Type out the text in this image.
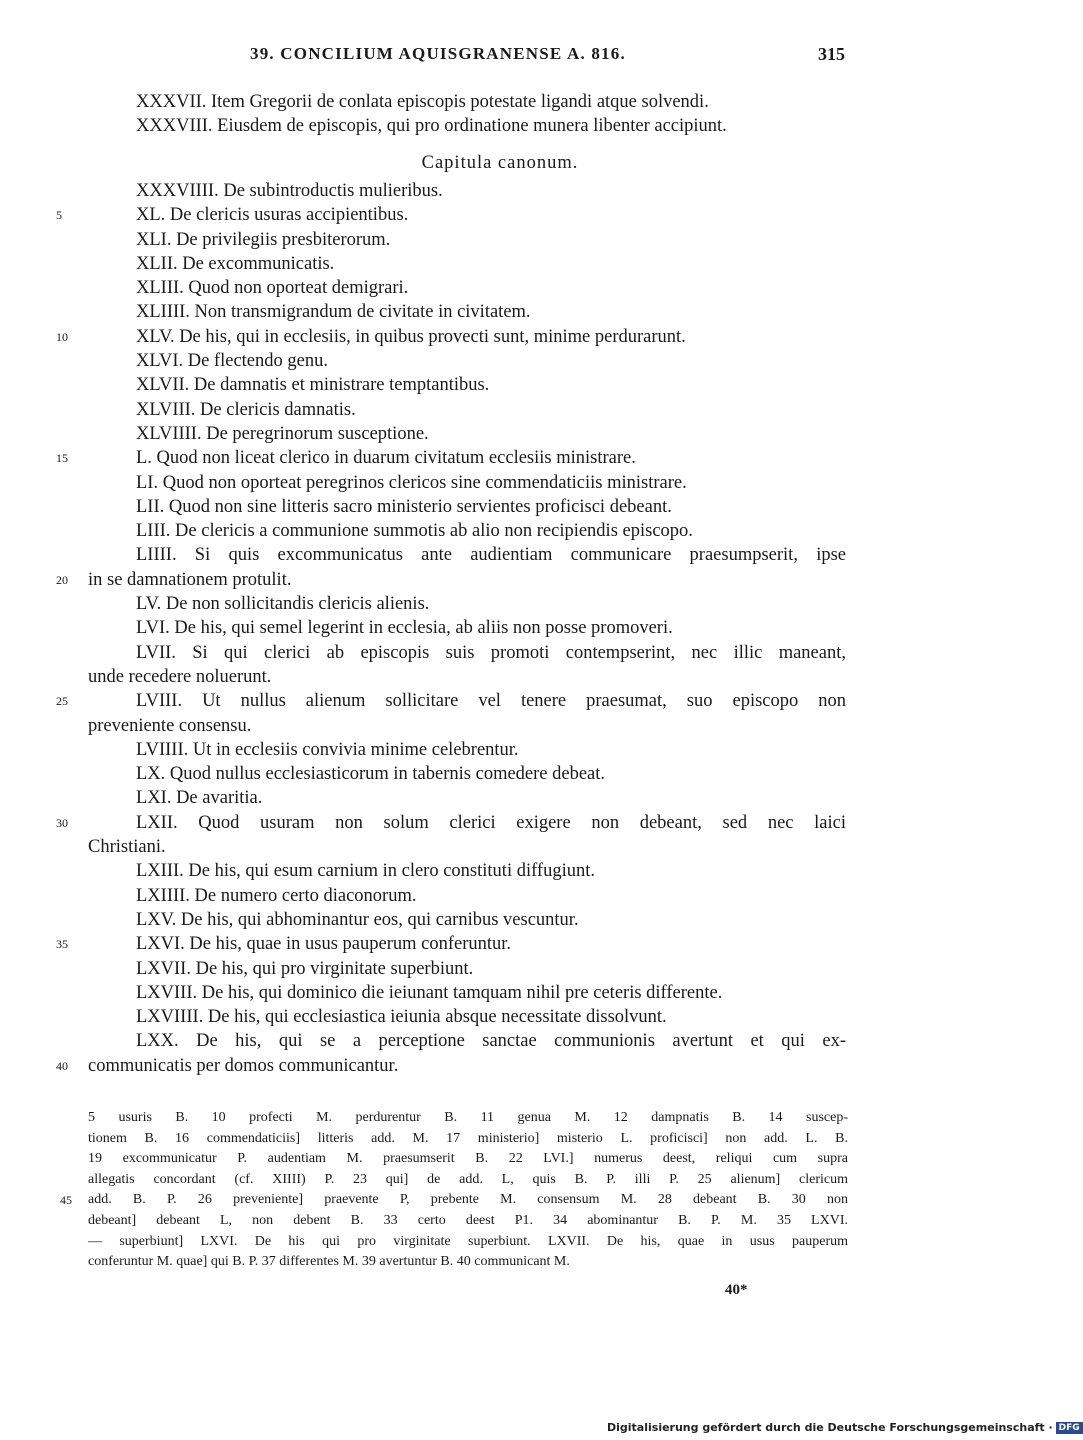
39. CONCILIUM AQUISGRANENSE A. 816.	315
XXXVII. Item Gregorii de conlata episcopis potestate ligandi atque solvendi.
XXXVIII. Eiusdem de episcopis, qui pro ordinatione munera libenter accipiunt.
Capitula canonum.
XXXVIIII. De subintroductis mulieribus.
XL. De clericis usuras accipientibus.
5
XLI. De privilegiis presbiterorum.
XLII. De excommunicatis.
XLIII. Quod non oporteat demigrari.
XLIIII. Non transmigrandum de civitate in civitatem.
XLV. De his, qui in ecclesiis, in quibus provecti sunt, minime perdurarunt.
10
XLVI. De flectendo genu.
XLVII. De damnatis et ministrare temptantibus.
XLVIII. De clericis damnatis.
XLVIIII. De peregrinorum susceptione.
L. Quod non liceat clerico in duarum civitatum ecclesiis ministrare.
15
LI. Quod non oporteat peregrinos clericos sine commendaticiis ministrare.
LII. Quod non sine litteris sacro ministerio servientes proficisci debeant.
LIII. De clericis a communione summotis ab alio non recipiendis episcopo.
LIIII. Si quis excommunicatus ante audientiam communicare praesumpserit, ipse
in se damnationem protulit.
20
LV. De non sollicitandis clericis alienis.
LVI. De his, qui semel legerint in ecclesia, ab aliis non posse promoveri.
LVII. Si qui clerici ab episcopis suis promoti contempserint, nec illic maneant,
unde recedere noluerunt.
LVIII. Ut nullus alienum sollicitare vel tenere praesumat, suo episcopo non
25
preveniente consensu.
LVIIII. Ut in ecclesiis convivia minime celebrentur.
LX. Quod nullus ecclesiasticorum in tabernis comedere debeat.
LXI. De avaritia.
LXII. Quod usuram non solum clerici exigere non debeant, sed nec laici
30
Christiani.
LXIII. De his, qui esum carnium in clero constituti diffugiunt.
LXIIII. De numero certo diaconorum.
LXV. De his, qui abhominantur eos, qui carnibus vescuntur.
LXVI. De his, quae in usus pauperum conferuntur.
35
LXVII. De his, qui pro virginitate superbiunt.
LXVIII. De his, qui dominico die ieiunant tamquam nihil pre ceteris differente.
LXVIIII. De his, qui ecclesiastica ieiunia absque necessitate dissolvunt.
LXX. De his, qui se a perceptione sanctae communionis avertunt et qui ex-
communicatis per domos communicantur.
40
40*
Digitalisierung gefördert durch die Deutsche Forschungsgemeinschaft · DFG
5 usuris B. 10 profecti M. perdurentur B. 11 genua M. 12 dampnatis B. 14 suscep-
tionem B. 16 commendaticiis] litteris add. M. 17 ministerio] misterio L. proficisci] non add. L. B.
19 excommunicatur P. audentiam M. praesumserit B. 22 LVI.] numerus deest, reliqui cum supra
allegatis concordant (cf. XIIII) P. 23 qui] de add. L, quis B. P. illi P. 25 alienum] clericum
add. B. P. 26 preveniente] praevente P, prebente M. consensum M. 28 debeant B. 30 non
45
debeant] debeant L, non debent B. 33 certo deest P1. 34 abominantur B. P. M. 35 LXVI.
— superbiunt] LXVI. De his qui pro virginitate superbiunt. LXVII. De his, quae in usus pauperum
conferuntur M. quae] qui B. P. 37 differentes M. 39 avertuntur B. 40 communicant M.
